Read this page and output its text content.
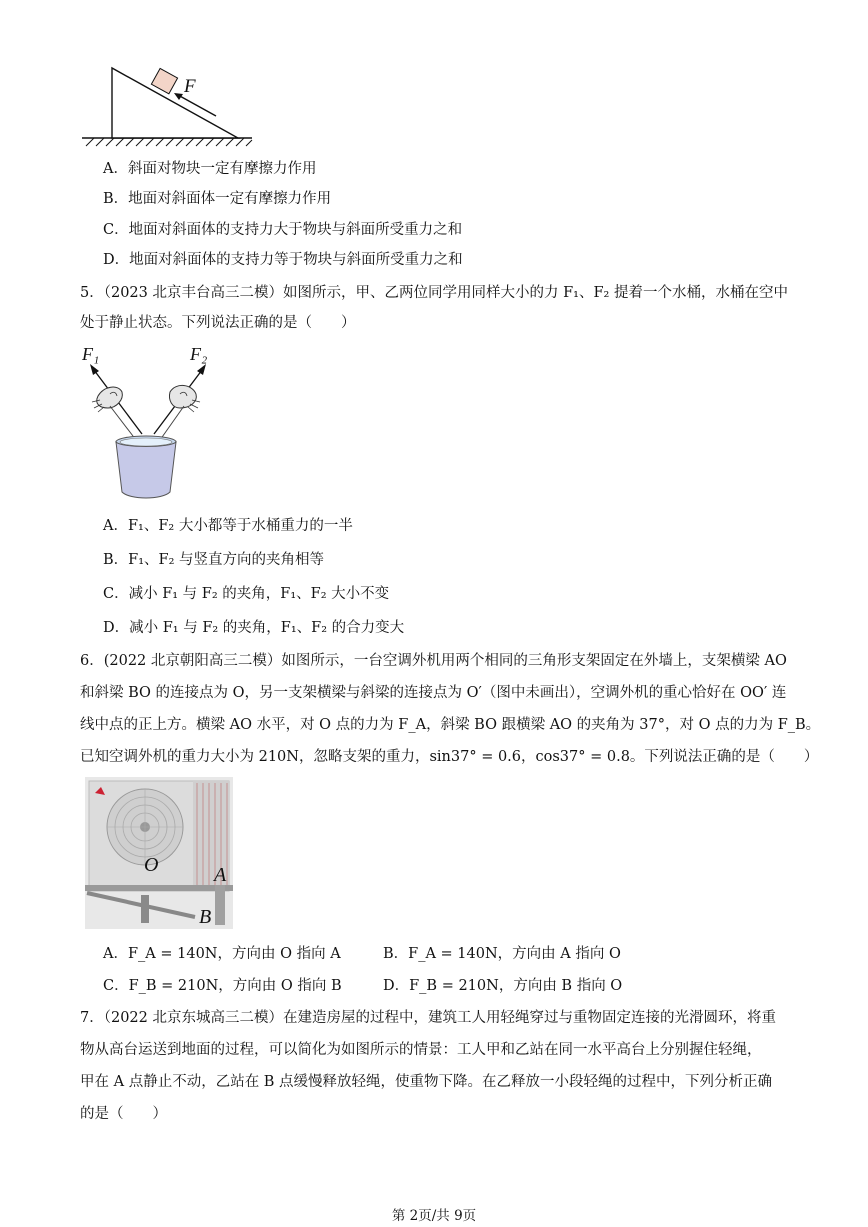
F
A．斜面对物块一定有摩擦力作用
B．地面对斜面体一定有摩擦力作用
C．地面对斜面体的支持力大于物块与斜面所受重力之和
D．地面对斜面体的支持力等于物块与斜面所受重力之和
5．（2023 北京丰台高三二模）如图所示，甲、乙两位同学用同样大小的力 F₁、F₂ 提着一个水桶，水桶在空中
处于静止状态。下列说法正确的是（　　）
F₁	F₂
A．F₁、F₂ 大小都等于水桶重力的一半
B．F₁、F₂ 与竖直方向的夹角相等
C．减小 F₁ 与 F₂ 的夹角，F₁、F₂ 大小不变
D．减小 F₁ 与 F₂ 的夹角，F₁、F₂ 的合力变大
6．(2022 北京朝阳高三二模）如图所示，一台空调外机用两个相同的三角形支架固定在外墙上，支架横梁 AO
和斜梁 BO 的连接点为 O，另一支架横梁与斜梁的连接点为 O′（图中未画出），空调外机的重心恰好在 OO′ 连
线中点的正上方。横梁 AO 水平，对 O 点的力为 F_A，斜梁 BO 跟横梁 AO 的夹角为 37°，对 O 点的力为 F_B。
已知空调外机的重力大小为 210N，忽略支架的重力，sin37° = 0.6，cos37° = 0.8。下列说法正确的是（　　）
O	A
B
A．F_A = 140N，方向由 O 指向 A	B．F_A = 140N，方向由 A 指向 O
C．F_B = 210N，方向由 O 指向 B	D．F_B = 210N，方向由 B 指向 O
7．（2022 北京东城高三二模）在建造房屋的过程中，建筑工人用轻绳穿过与重物固定连接的光滑圆环，将重
物从高台运送到地面的过程，可以简化为如图所示的情景：工人甲和乙站在同一水平高台上分别握住轻绳，
甲在 A 点静止不动，乙站在 B 点缓慢释放轻绳，使重物下降。在乙释放一小段轻绳的过程中，下列分析正确
的是（　　）
第 2页/共 9页
